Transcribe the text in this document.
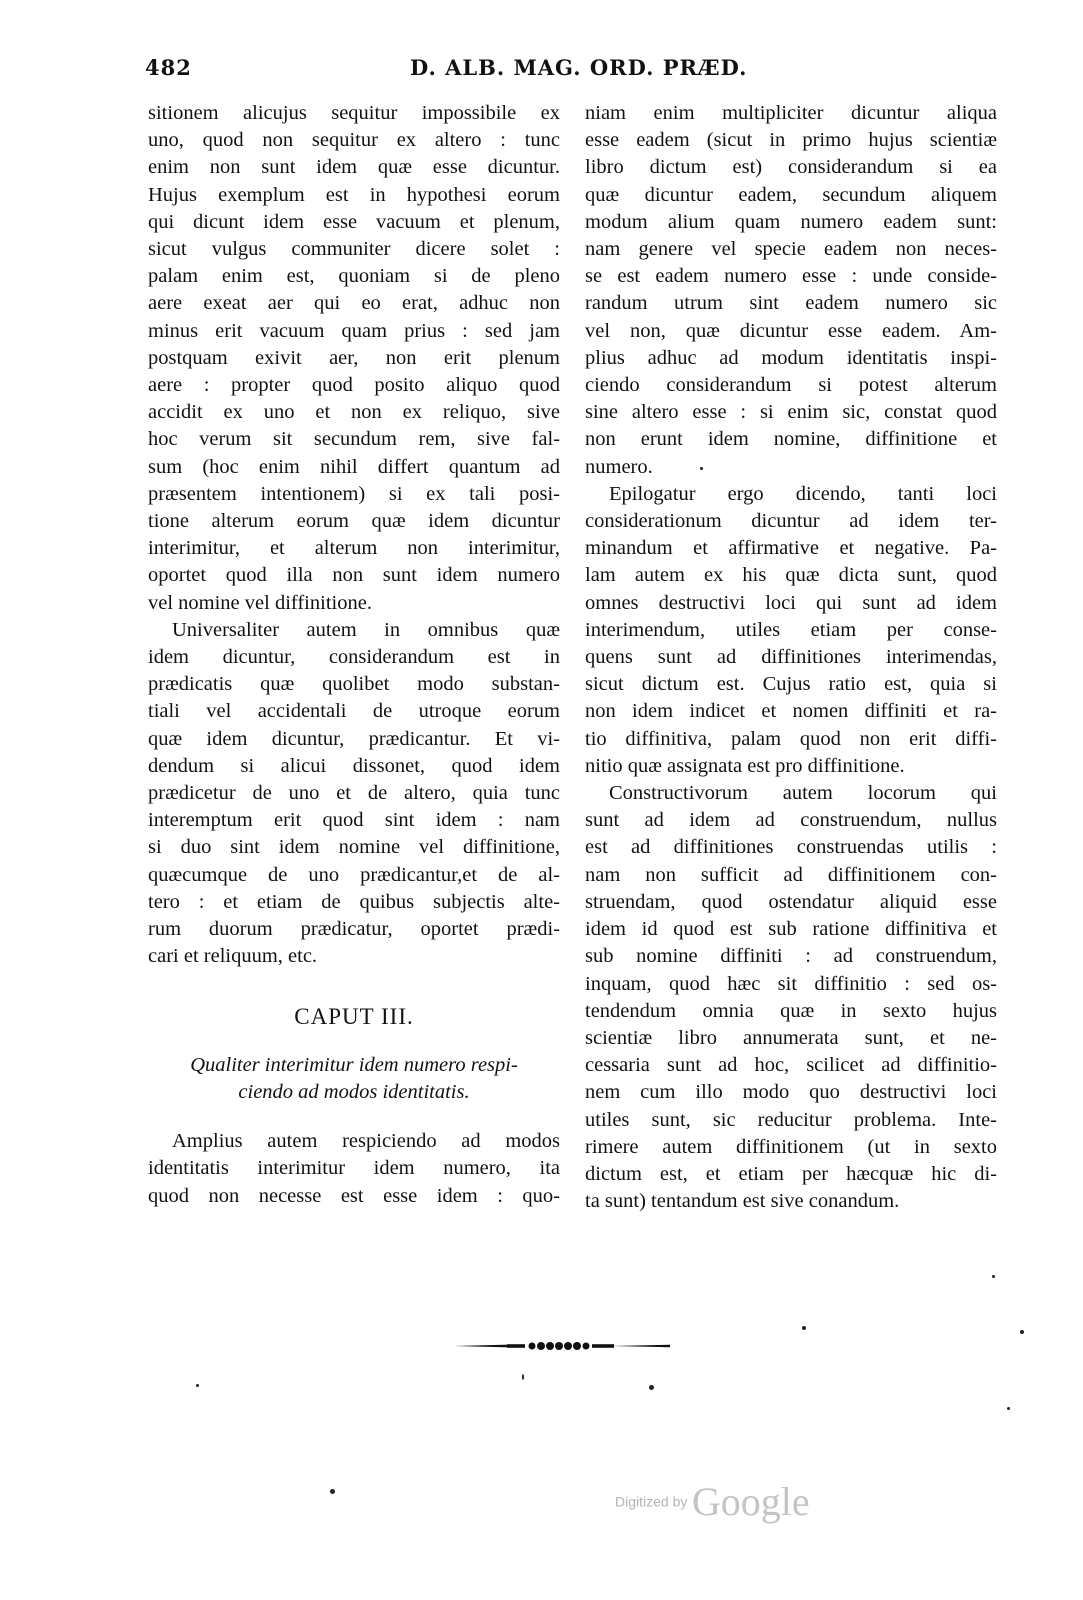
482	D. ALB. MAG. ORD. PRÆD.
sitionem alicujus sequitur impossibile ex
uno, quod non sequitur ex altero : tunc
enim non sunt idem quæ esse dicuntur.
Hujus exemplum est in hypothesi eorum
qui dicunt idem esse vacuum et plenum,
sicut vulgus communiter dicere solet :
palam enim est, quoniam si de pleno
aere exeat aer qui eo erat, adhuc non
minus erit vacuum quam prius : sed jam
postquam exivit aer, non erit plenum
aere : propter quod posito aliquo quod
accidit ex uno et non ex reliquo, sive
hoc verum sit secundum rem, sive fal-
sum (hoc enim nihil differt quantum ad
præsentem intentionem) si ex tali posi-
tione alterum eorum quæ idem dicuntur
interimitur, et alterum non interimitur,
oportet quod illa non sunt idem numero
vel nomine vel diffinitione.
Universaliter autem in omnibus quæ
idem dicuntur, considerandum est in
prædicatis quæ quolibet modo substan-
tiali vel accidentali de utroque eorum
quæ idem dicuntur, prædicantur. Et vi-
dendum si alicui dissonet, quod idem
prædicetur de uno et de altero, quia tunc
interemptum erit quod sint idem : nam
si duo sint idem nomine vel diffinitione,
quæcumque de uno prædicantur,et de al-
tero : et etiam de quibus subjectis alte-
rum duorum prædicatur, oportet prædi-
cari et reliquum, etc.
CAPUT III.
Qualiter interimitur idem numero respi-
ciendo ad modos identitatis.
Amplius autem respiciendo ad modos
identitatis interimitur idem numero, ita
quod non necesse est esse idem : quo-
niam enim multipliciter dicuntur aliqua
esse eadem (sicut in primo hujus scientiæ
libro dictum est) considerandum si ea
quæ dicuntur eadem, secundum aliquem
modum alium quam numero eadem sunt:
nam genere vel specie eadem non neces-
se est eadem numero esse : unde conside-
randum utrum sint eadem numero sic
vel non, quæ dicuntur esse eadem. Am-
plius adhuc ad modum identitatis inspi-
ciendo considerandum si potest alterum
sine altero esse : si enim sic, constat quod
non erunt idem nomine, diffinitione et
numero.
Epilogatur ergo dicendo, tanti loci
considerationum dicuntur ad idem ter-
minandum et affirmative et negative. Pa-
lam autem ex his quæ dicta sunt, quod
omnes destructivi loci qui sunt ad idem
interimendum, utiles etiam per conse-
quens sunt ad diffinitiones interimendas,
sicut dictum est. Cujus ratio est, quia si
non idem indicet et nomen diffiniti et ra-
tio diffinitiva, palam quod non erit diffi-
nitio quæ assignata est pro diffinitione.
Constructivorum autem locorum qui
sunt ad idem ad construendum, nullus
est ad diffinitiones construendas utilis :
nam non sufficit ad diffinitionem con-
struendam, quod ostendatur aliquid esse
idem id quod est sub ratione diffinitiva et
sub nomine diffiniti : ad construendum,
inquam, quod hæc sit diffinitio : sed os-
tendendum omnia quæ in sexto hujus
scientiæ libro annumerata sunt, et ne-
cessaria sunt ad hoc, scilicet ad diffinitio-
nem cum illo modo quo destructivi loci
utiles sunt, sic reducitur problema. Inte-
rimere autem diffinitionem (ut in sexto
dictum est, et etiam per hæcquæ hic di-
ta sunt) tentandum est sive conandum.
Digitized by Google
